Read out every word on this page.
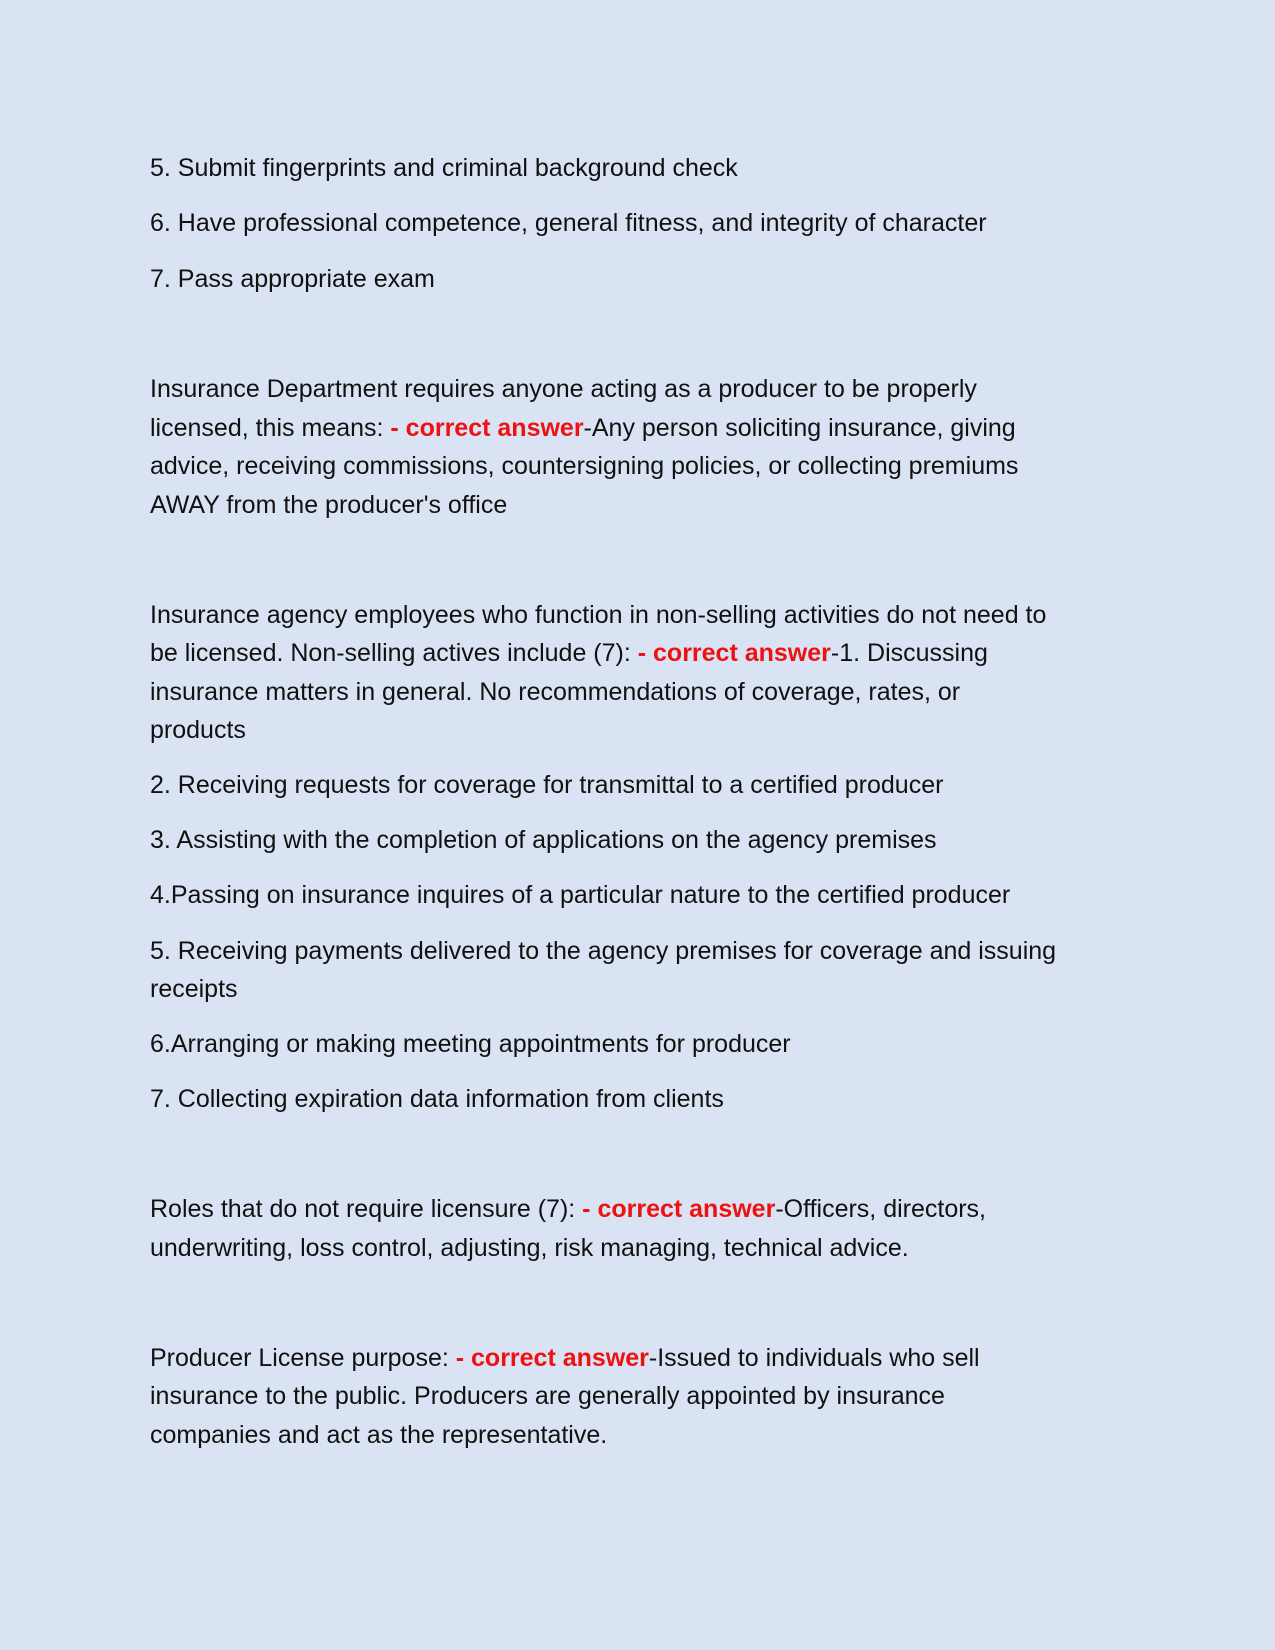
5. Submit fingerprints and criminal background check

6. Have professional competence, general fitness, and integrity of character

7. Pass appropriate exam

Insurance Department requires anyone acting as a producer to be properly

licensed, this means: - correct answer-Any person soliciting insurance, giving

advice, receiving commissions, countersigning policies, or collecting premiums

AWAY from the producer's office

Insurance agency employees who function in non-selling activities do not need to

be licensed. Non-selling actives include (7): - correct answer-1. Discussing

insurance matters in general. No recommendations of coverage, rates, or

products

2. Receiving requests for coverage for transmittal to a certified producer

3. Assisting with the completion of applications on the agency premises

4.Passing on insurance inquires of a particular nature to the certified producer

5. Receiving payments delivered to the agency premises for coverage and issuing

receipts

6.Arranging or making meeting appointments for producer

7. Collecting expiration data information from clients

Roles that do not require licensure (7): - correct answer-Officers, directors,

underwriting, loss control, adjusting, risk managing, technical advice.

Producer License purpose: - correct answer-Issued to individuals who sell

insurance to the public. Producers are generally appointed by insurance

companies and act as the representative.
